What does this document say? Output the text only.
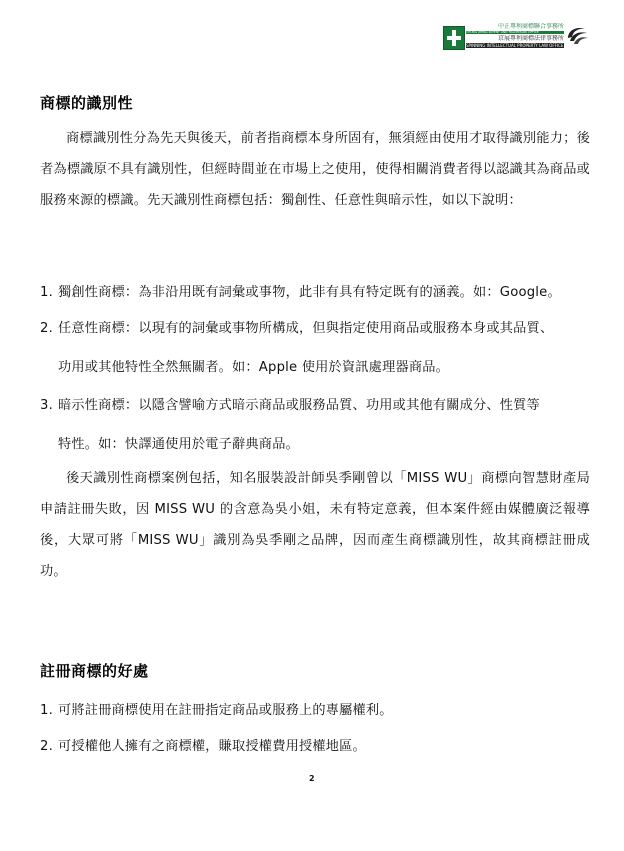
中正專利商標聯合事務所
CHUNG JHENG PATENT AND TRADEMARK OFFICE
京展專利商標法律事務所
SPINNING INTELLECTUAL PROPERTY LAW OFFICE
商標的識別性
商標識別性分為先天與後天，前者指商標本身所固有，無須經由使用才取得識別能力；後者為標識原不具有識別性，但經時間並在市場上之使用，使得相關消費者得以認識其為商品或服務來源的標識。先天識別性商標包括：獨創性、任意性與暗示性，如以下說明：
1. 獨創性商標：為非沿用既有詞彙或事物，此非有具有特定既有的涵義。如：Google。
2. 任意性商標：以現有的詞彙或事物所構成，但與指定使用商品或服務本身或其品質、
功用或其他特性全然無關者。如：Apple 使用於資訊處理器商品。
3. 暗示性商標：以隱含譬喻方式暗示商品或服務品質、功用或其他有關成分、性質等
特性。如：快譯通使用於電子辭典商品。
後天識別性商標案例包括，知名服裝設計師吳季剛曾以「MISS WU」商標向智慧財產局申請註冊失敗，因 MISS WU 的含意為吳小姐，未有特定意義，但本案件經由媒體廣泛報導後，大眾可將「MISS WU」識別為吳季剛之品牌，因而產生商標識別性，故其商標註冊成功。
註冊商標的好處
1. 可將註冊商標使用在註冊指定商品或服務上的專屬權利。
2. 可授權他人擁有之商標權，賺取授權費用授權地區。
2
